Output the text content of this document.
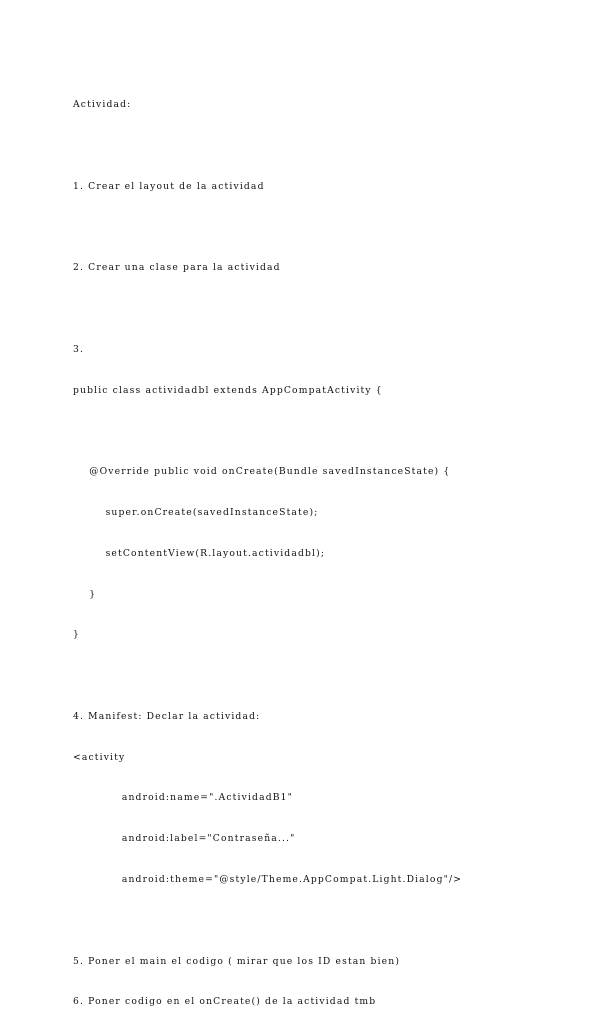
Actividad:

1. Crear el layout de la actividad

2. Crear una clase para la actividad

3.

public class actividadbl extends AppCompatActivity {

@Override public void onCreate(Bundle savedInstanceState) {

super.onCreate(savedInstanceState);

setContentView(R.layout.actividadbl);

}

}

4. Manifest: Declar la actividad:

<activity

android:name=".ActividadB1"

android:label="Contraseña..."

android:theme="@style/Theme.AppCompat.Light.Dialog"/>

5. Poner el main el codigo ( mirar que los ID estan bien)

6. Poner codigo en el onCreate() de la actividad tmb
